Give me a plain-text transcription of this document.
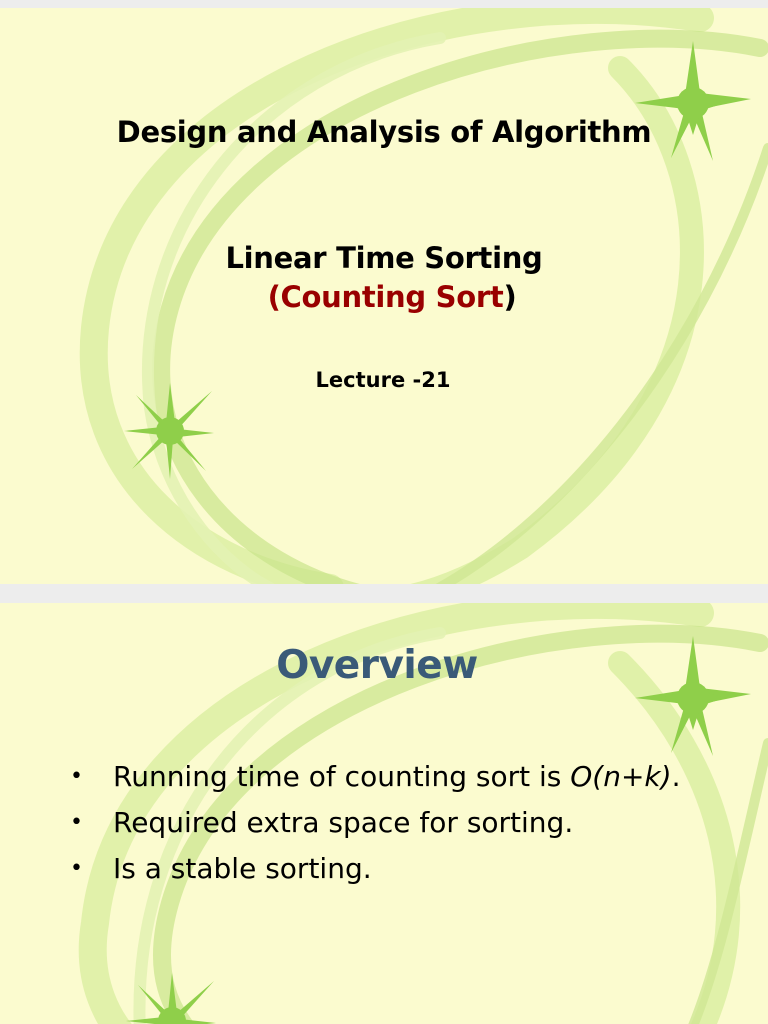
Design and Analysis of Algorithm
Linear Time Sorting
(Counting Sort)
Lecture -21
Overview
• Running time of counting sort is O(n+k).
• Required extra space for sorting.
• Is a stable sorting.
